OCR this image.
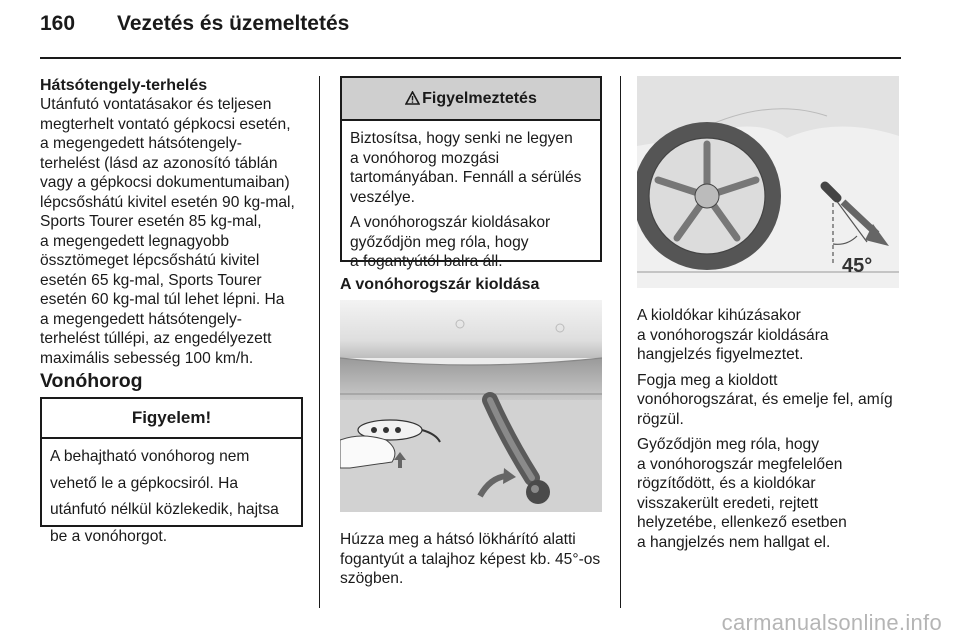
160 Vezetés és üzemeltetés
Hátsótengely-terhelés

Utánfutó vontatásakor és teljesen

megterhelt vontató gépkocsi esetén,

a megengedett hátsótengely-

terhelést (lásd az azonosító táblán

vagy a gépkocsi dokumentumaiban)

lépcsőshátú kivitel esetén 90 kg-mal,

Sports Tourer esetén 85 kg-mal,

a megengedett legnagyobb

össztömeget lépcsőshátú kivitel

esetén 65 kg-mal, Sports Tourer

esetén 60 kg-mal túl lehet lépni. Ha

a megengedett hátsótengely-

terhelést túllépi, az engedélyezett

maximális sebesség 100 km/h.

Vonóhorog
Figyelem!

A behajtható vonóhorog nem

vehető le a gépkocsiról. Ha

utánfutó nélkül közlekedik, hajtsa

be a vonóhorgot.

Figyelmeztetés

Biztosítsa, hogy senki ne legyen

a vonóhorog mozgási

tartományában. Fennáll a sérülés

veszélye.

A vonóhorogszár kioldásakor

győződjön meg róla, hogy

a fogantyútól balra áll.

A vonóhorogszár kioldása

Húzza meg a hátsó lökhárító alatti

fogantyút a talajhoz képest kb. 45°-os

szögben.

45°

A kioldókar kihúzásakor

a vonóhorogszár kioldására

hangjelzés figyelmeztet.

Fogja meg a kioldott

vonóhorogszárat, és emelje fel, amíg

rögzül.

Győződjön meg róla, hogy

a vonóhorogszár megfelelően

rögzítődött, és a kioldókar

visszakerült eredeti, rejtett

helyzetébe, ellenkező esetben

a hangjelzés nem hallgat el.

carmanualsonline.info
